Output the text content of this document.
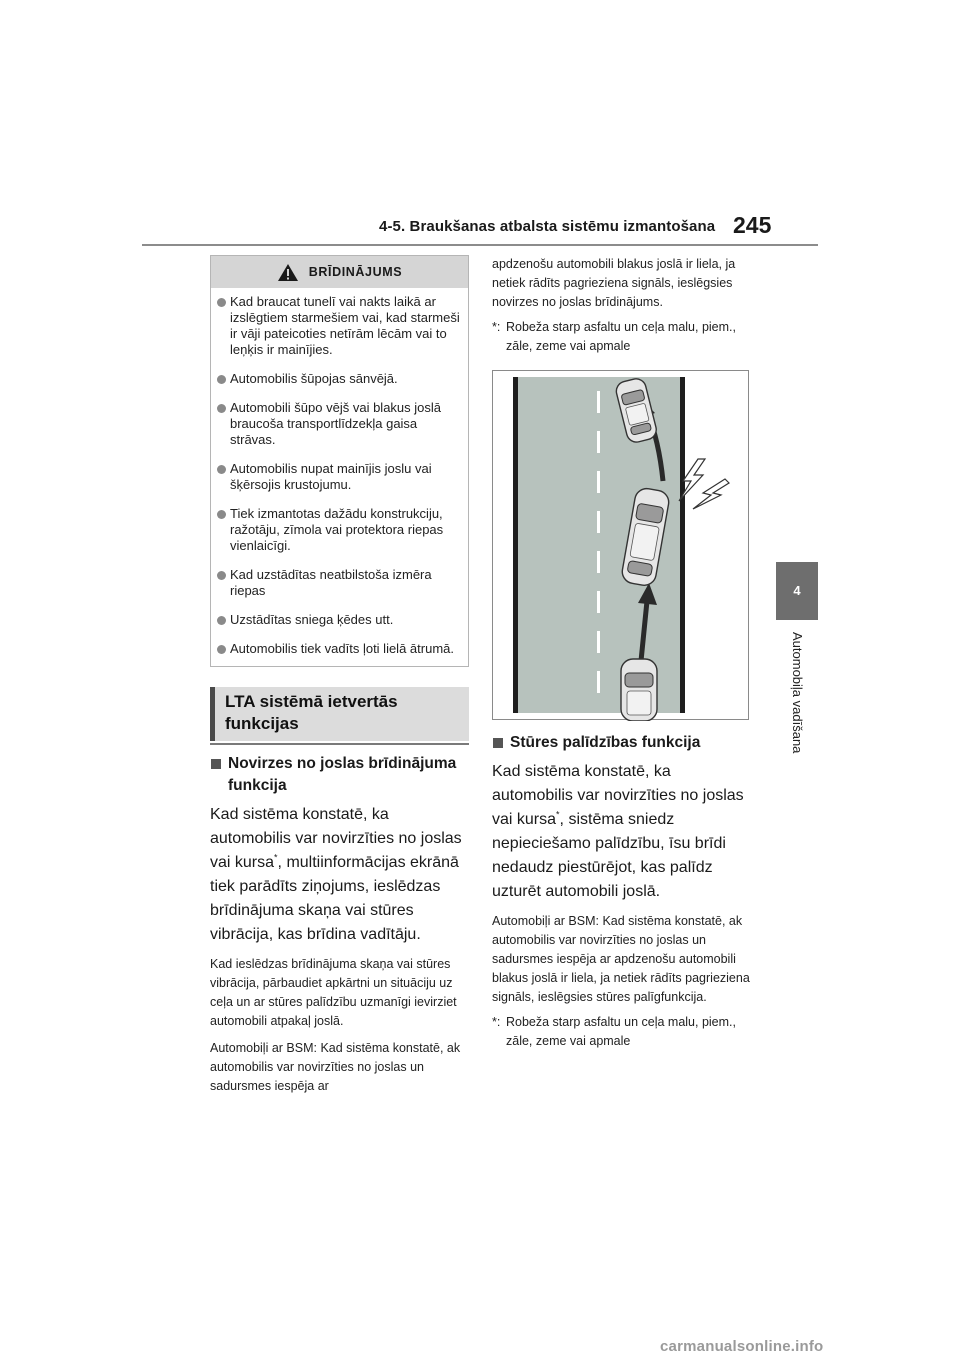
4-5. Braukšanas atbalsta sistēmu izmantošana 245
4
Automobiļa vadīšana
BRĪDINĀJUMS
Kad braucat tunelī vai nakts laikā ar izslēgtiem starmešiem vai, kad starmeši ir vāji pateicoties netīrām lēcām vai to leņķis ir mainījies.
Automobilis šūpojas sānvējā.
Automobili šūpo vējš vai blakus joslā braucoša transportlīdzekļa gaisa strāvas.
Automobilis nupat mainījis joslu vai šķērsojis krustojumu.
Tiek izmantotas dažādu konstrukciju, ražotāju, zīmola vai protektora riepas vienlaicīgi.
Kad uzstādītas neatbilstoša izmēra riepas
Uzstādītas sniega ķēdes utt.
Automobilis tiek vadīts ļoti lielā ātrumā.
LTA sistēmā ietvertās funkcijas
Novirzes no joslas brīdinājuma funkcija

Kad sistēma konstatē, ka automobilis var novirzīties no joslas vai kursa*, multiinformācijas ekrānā tiek parādīts ziņojums, ieslēdzas brīdinājuma skaņa vai stūres vibrācija, kas brīdina vadītāju.

Kad ieslēdzas brīdinājuma skaņa vai stūres vibrācija, pārbaudiet apkārtni un situāciju uz ceļa un ar stūres palīdzību uzmanīgi ievirziet automobili atpakaļ joslā.

Automobiļi ar BSM: Kad sistēma konstatē, ak automobilis var novirzīties no joslas un sadursmes iespēja ar

apdzenošu automobili blakus joslā ir liela, ja netiek rādīts pagrieziena signāls, ieslēgsies novirzes no joslas brīdinājums.

*: Robeža starp asfaltu un ceļa malu, piem., zāle, zeme vai apmale
Stūres palīdzības funkcija

Kad sistēma konstatē, ka automobilis var novirzīties no joslas vai kursa*, sistēma sniedz nepieciešamo palīdzību, īsu brīdi nedaudz piestūrējot, kas palīdz uzturēt automobili joslā.

Automobiļi ar BSM: Kad sistēma konstatē, ak automobilis var novirzīties no joslas un sadursmes iespēja ar apdzenošu automobili blakus joslā ir liela, ja netiek rādīts pagrieziena signāls, ieslēgsies stūres palīgfunkcija.

*: Robeža starp asfaltu un ceļa malu, piem., zāle, zeme vai apmale
carmanualsonline.info
